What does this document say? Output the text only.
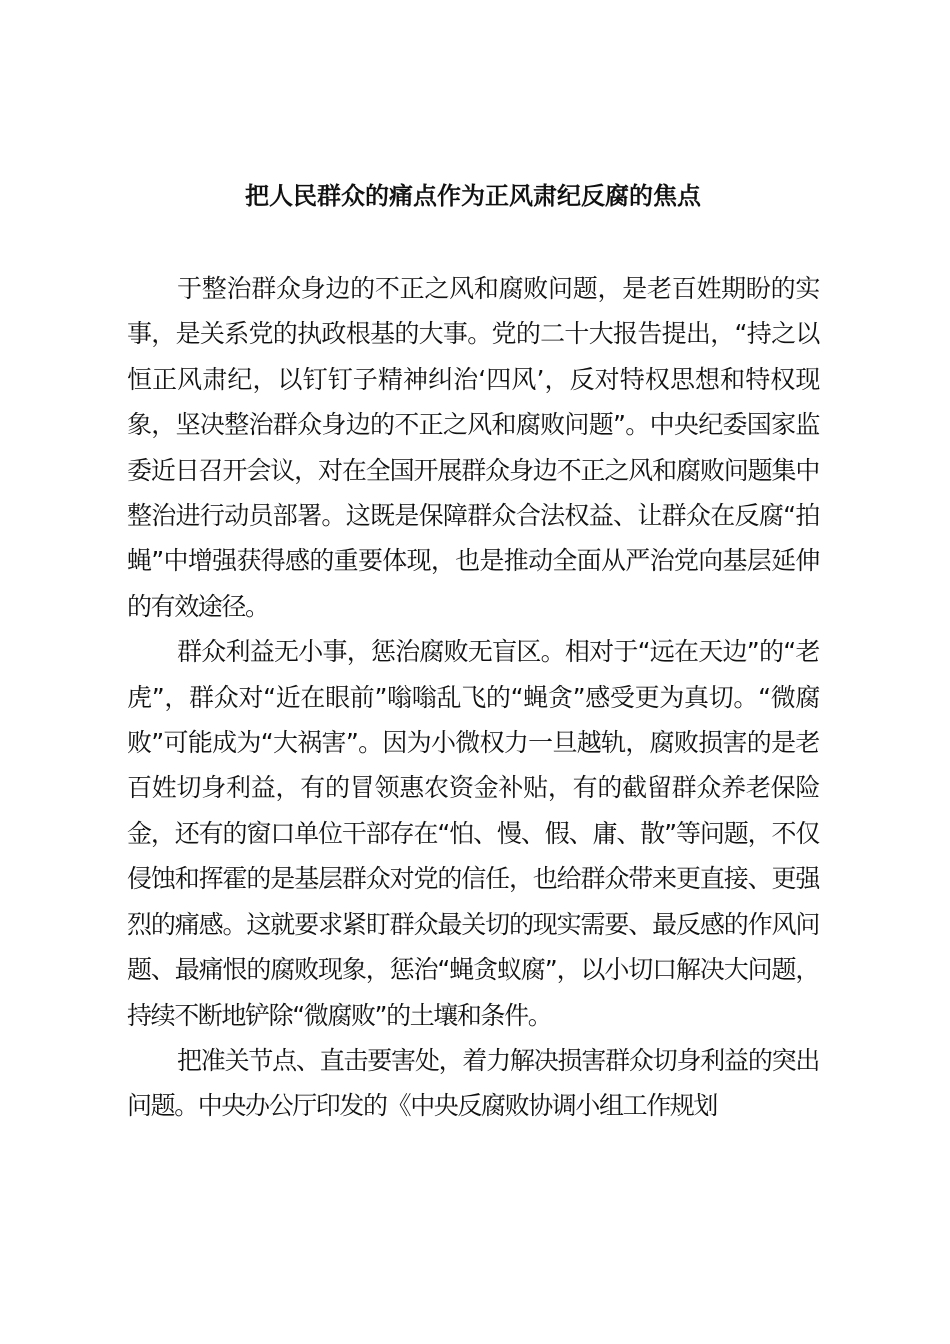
把人民群众的痛点作为正风肃纪反腐的焦点

于整治群众身边的不正之风和腐败问题，是老百姓期盼的实事，是关系党的执政根基的大事。党的二十大报告提出，“持之以恒正风肃纪，以钉钉子精神纠治‘四风’，反对特权思想和特权现象，坚决整治群众身边的不正之风和腐败问题”。中央纪委国家监委近日召开会议，对在全国开展群众身边不正之风和腐败问题集中整治进行动员部署。这既是保障群众合法权益、让群众在反腐“拍蝇”中增强获得感的重要体现，也是推动全面从严治党向基层延伸的有效途径。

群众利益无小事，惩治腐败无盲区。相对于“远在天边”的“老虎”，群众对“近在眼前”嗡嗡乱飞的“蝇贪”感受更为真切。“微腐败”可能成为“大祸害”。因为小微权力一旦越轨，腐败损害的是老百姓切身利益，有的冒领惠农资金补贴，有的截留群众养老保险金，还有的窗口单位干部存在“怕、慢、假、庸、散”等问题，不仅侵蚀和挥霍的是基层群众对党的信任，也给群众带来更直接、更强烈的痛感。这就要求紧盯群众最关切的现实需要、最反感的作风问题、最痛恨的腐败现象，惩治“蝇贪蚁腐”，以小切口解决大问题，持续不断地铲除“微腐败”的土壤和条件。

把准关节点、直击要害处，着力解决损害群众切身利益的突出问题。中央办公厅印发的《中央反腐败协调小组工作规划
